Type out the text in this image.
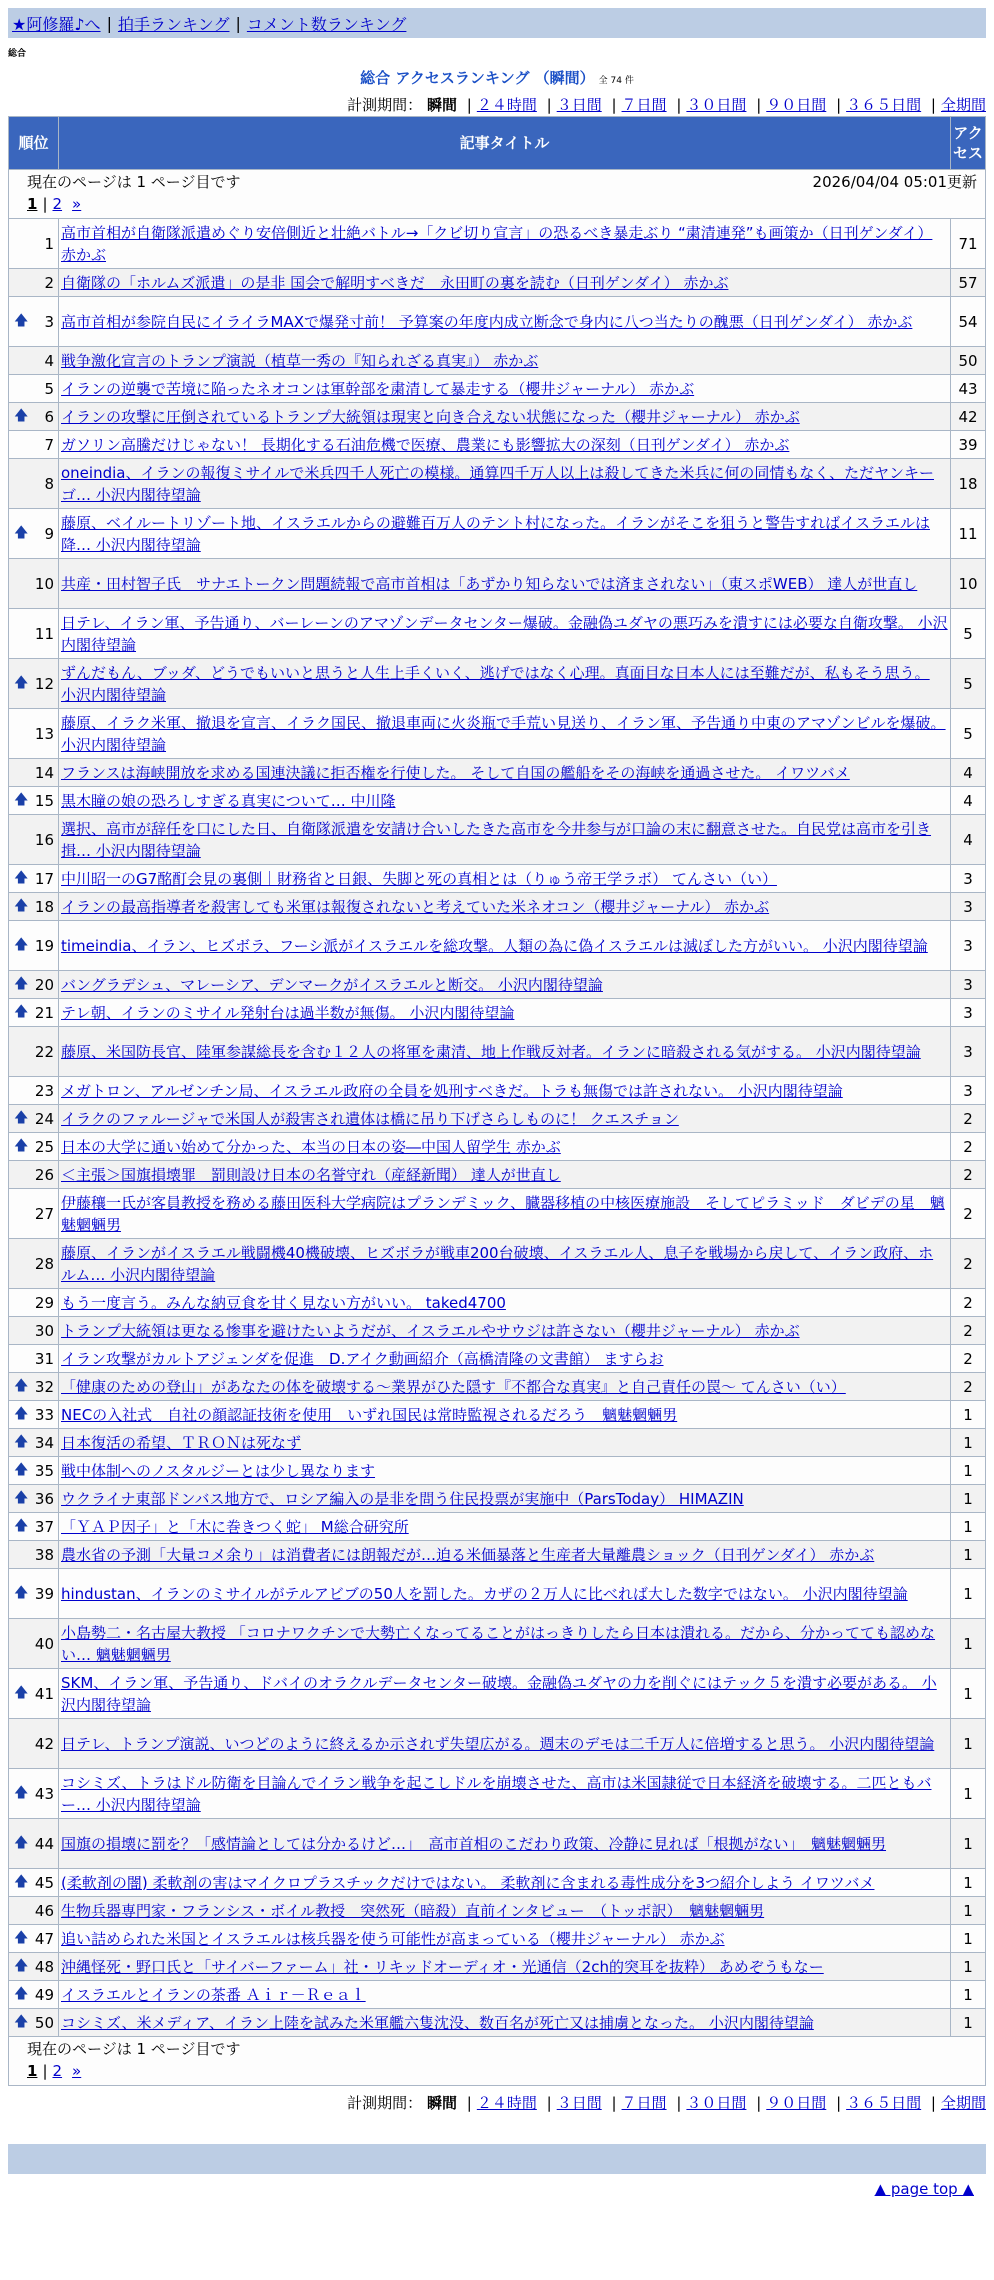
★阿修羅♪へ | 拍手ランキング | コメント数ランキング
総合
総合 アクセスランキング （瞬間） 全 74 件
計測期間： 瞬間 | ２４時間 | ３日間 | ７日間 | ３０日間 | ９０日間 | ３６５日間 | 全期間
現在のページは 1 ページ目です 2026/04/04 05:01更新
1 | 2 »		

順位	記事タイトル	アクセス
1	高市首相が自衛隊派遣めぐり安倍側近と壮絶バトル→「クビ切り宣言」の恐るべき暴走ぶり “粛清連発”も画策か（日刊ゲンダイ） 赤かぶ	71
2	自衛隊の「ホルムズ派遣」の是非 国会で解明すべきだ　永田町の裏を読む（日刊ゲンダイ） 赤かぶ	57

🡅 3	高市首相が参院自民にイライラMAXで爆発寸前！ 予算案の年度内成立断念で身内に八つ当たりの醜悪（日刊ゲンダイ） 赤かぶ	54
4	戦争激化宣言のトランプ演説（植草一秀の『知られざる真実』） 赤かぶ	50
5	イランの逆襲で苦境に陥ったネオコンは軍幹部を粛清して暴走する（櫻井ジャーナル） 赤かぶ	43

🡅 6	イランの攻撃に圧倒されているトランプ大統領は現実と向き合えない状態になった（櫻井ジャーナル） 赤かぶ	42
7	ガソリン高騰だけじゃない！ 長期化する石油危機で医療、農業にも影響拡大の深刻（日刊ゲンダイ） 赤かぶ	39
8	oneindia、イランの報復ミサイルで米兵四千人死亡の模様。通算四千万人以上は殺してきた米兵に何の同情もなく、ただヤンキーゴ… 小沢内閣待望論	18

🡅 9	藤原、ベイルートリゾート地、イスラエルからの避難百万人のテント村になった。イランがそこを狙うと警告すればイスラエルは降… 小沢内閣待望論	11
10	共産・田村智子氏　サナエトークン問題続報で高市首相は「あずかり知らないでは済まされない」（東スポWEB） 達人が世直し	10
11	日テレ、イラン軍、予告通り、バーレーンのアマゾンデータセンター爆破。金融偽ユダヤの悪巧みを潰すには必要な自衛攻撃。 小沢内閣待望論	5

🡅 12	ずんだもん、ブッダ、どうでもいいと思うと人生上手くいく、逃げではなく心理。真面目な日本人には至難だが、私もそう思う。 小沢内閣待望論	5
13	藤原、イラク米軍、撤退を宣言、イラク国民、撤退車両に火炎瓶で手荒い見送り、イラン軍、予告通り中東のアマゾンビルを爆破。 小沢内閣待望論	5
14	フランスは海峡開放を求める国連決議に拒否権を行使した。 そして自国の艦船をその海峡を通過させた。 イワツバメ	4

🡅 15	黒木瞳の娘の恐ろしすぎる真実について… 中川隆	4
16	選択、高市が辞任を口にした日、自衛隊派遣を安請け合いしたきた高市を今井参与が口論の末に翻意させた。自民党は高市を引き揖… 小沢内閣待望論	4

🡅 17	中川昭一のG7酩酊会見の裏側｜財務省と日銀、失脚と死の真相とは（りゅう帝王学ラボ） てんさい（い）	3

🡅 18	イランの最高指導者を殺害しても米軍は報復されないと考えていた米ネオコン（櫻井ジャーナル） 赤かぶ	3

🡅 19	timeindia、イラン、ヒズボラ、フーシ派がイスラエルを総攻撃。人類の為に偽イスラエルは滅ぼした方がいい。 小沢内閣待望論	3

🡅 20	バングラデシュ、マレーシア、デンマークがイスラエルと断交。 小沢内閣待望論	3

🡅 21	テレ朝、イランのミサイル発射台は過半数が無傷。 小沢内閣待望論	3
22	藤原、米国防長官、陸軍参謀総長を含む１２人の将軍を粛清、地上作戦反対者。イランに暗殺される気がする。 小沢内閣待望論	3
23	メガトロン、アルゼンチン局、イスラエル政府の全員を処刑すべきだ。トラも無傷では許されない。 小沢内閣待望論	3

🡅 24	イラクのファルージャで米国人が殺害され遺体は橋に吊り下げさらしものに！ クエスチョン	2

🡅 25	日本の大学に通い始めて分かった、本当の日本の姿―中国人留学生 赤かぶ	2
26	＜主張＞国旗損壊罪　罰則設け日本の名誉守れ（産経新聞） 達人が世直し	2
27	伊藤穰一氏が客員教授を務める藤田医科大学病院はプランデミック、臓器移植の中核医療施設　そしてピラミッド　ダビデの星　魑魅魍魎男	2
28	藤原、イランがイスラエル戦闘機40機破壊、ヒズボラが戦車200台破壊、イスラエル人、息子を戦場から戻して、イラン政府、ホルム… 小沢内閣待望論	2
29	もう一度言う。みんな納豆食を甘く見ない方がいい。 taked4700	2
30	トランプ大統領は更なる惨事を避けたいようだが、イスラエルやサウジは許さない（櫻井ジャーナル） 赤かぶ	2
31	イラン攻撃がカルトアジェンダを促進　D.アイク動画紹介（高橋清隆の文書館） ますらお	2

🡅 32	「健康のための登山」があなたの体を破壊する～業界がひた隠す『不都合な真実』と自己責任の罠～ てんさい（い）	2

🡅 33	NECの入社式　自社の顔認証技術を使用　いずれ国民は常時監視されるだろう　魑魅魍魎男	1

🡅 34	日本復活の希望、ＴＲＯＮは死なず	1

🡅 35	戦中体制へのノスタルジーとは少し異なります	1

🡅 36	ウクライナ東部ドンバス地方で、ロシア編入の是非を問う住民投票が実施中（ParsToday） HIMAZIN	1

🡅 37	「ＹＡＰ因子」と「木に巻きつく蛇」 M総合研究所	1
38	農水省の予測「大量コメ余り」は消費者には朗報だが…迫る米価暴落と生産者大量離農ショック（日刊ゲンダイ） 赤かぶ	1

🡅 39	hindustan、イランのミサイルがテルアビブの50人を罰した。カザの２万人に比べれば大した数字ではない。 小沢内閣待望論	1
40	小島勢二・名古屋大教授 「コロナワクチンで大勢亡くなってることがはっきりしたら日本は潰れる。だから、分かってても認めない… 魑魅魍魎男	1

🡅 41	SKM、イラン軍、予告通り、ドバイのオラクルデータセンター破壊。金融偽ユダヤの力を削ぐにはテック５を潰す必要がある。 小沢内閣待望論	1
42	日テレ、トランプ演説、いつどのように終えるか示されず失望広がる。週末のデモは二千万人に倍増すると思う。 小沢内閣待望論	1

🡅 43	コシミズ、トラはドル防衛を目論んでイラン戦争を起こしドルを崩壊させた、高市は米国隷従で日本経済を破壊する。二匹ともバー… 小沢内閣待望論	1

🡅 44	国旗の損壊に罰を？「感情論としては分かるけど…」　高市首相のこだわり政策、冷静に見れば「根拠がない」　魑魅魍魎男	1

🡅 45	(柔軟剤の闇) 柔軟剤の害はマイクロプラスチックだけではない。 柔軟剤に含まれる毒性成分を3つ紹介しよう イワツバメ	1
46	生物兵器専門家・フランシス・ボイル教授　突然死（暗殺）直前インタビュー　（トッポ訳）　魑魅魍魎男	1

🡅 47	追い詰められた米国とイスラエルは核兵器を使う可能性が高まっている（櫻井ジャーナル） 赤かぶ	1

🡅 48	沖縄怪死・野口氏と「サイバーファーム」社・リキッドオーディオ・光通信（2ch的突耳を抜粋） あめぞうもなー	1

🡅 49	イスラエルとイランの茶番 Ａｉｒ－Ｒｅａｌ	1

🡅 50	コシミズ、米メディア、イラン上陸を試みた米軍艦六隻沈没、数百名が死亡又は捕虜となった。 小沢内閣待望論	1

現在のページは 1 ページ目です
1 | 2 »		
計測期間： 瞬間 | ２４時間 | ３日間 | ７日間 | ３０日間 | ９０日間 | ３６５日間 | 全期間
▲ page top ▲
